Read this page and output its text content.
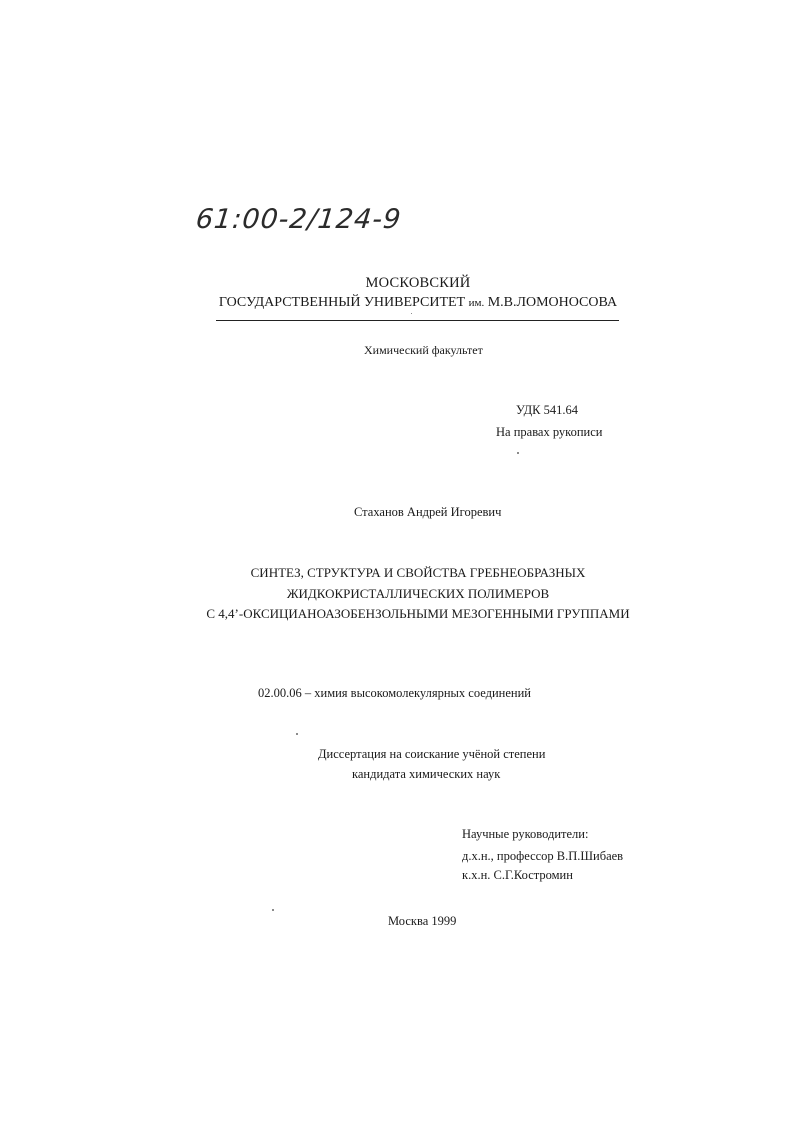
61:00-2/124-9
МОСКОВСКИЙ
ГОСУДАРСТВЕННЫЙ УНИВЕРСИТЕТ им. М.В.ЛОМОНОСОВА
Химический факультет
УДК 541.64
На правах рукописи
Стаханов Андрей Игоревич
СИНТЕЗ, СТРУКТУРА И СВОЙСТВА ГРЕБНЕОБРАЗНЫХ
ЖИДКОКРИСТАЛЛИЧЕСКИХ ПОЛИМЕРОВ
С 4,4’-ОКСИЦИАНОАЗОБЕНЗОЛЬНЫМИ МЕЗОГЕННЫМИ ГРУППАМИ
02.00.06 – химия высокомолекулярных соединений
Диссертация на соискание учёной степени
кандидата химических наук
Научные руководители:
д.х.н., профессор В.П.Шибаев
к.х.н. С.Г.Костромин
Москва 1999
